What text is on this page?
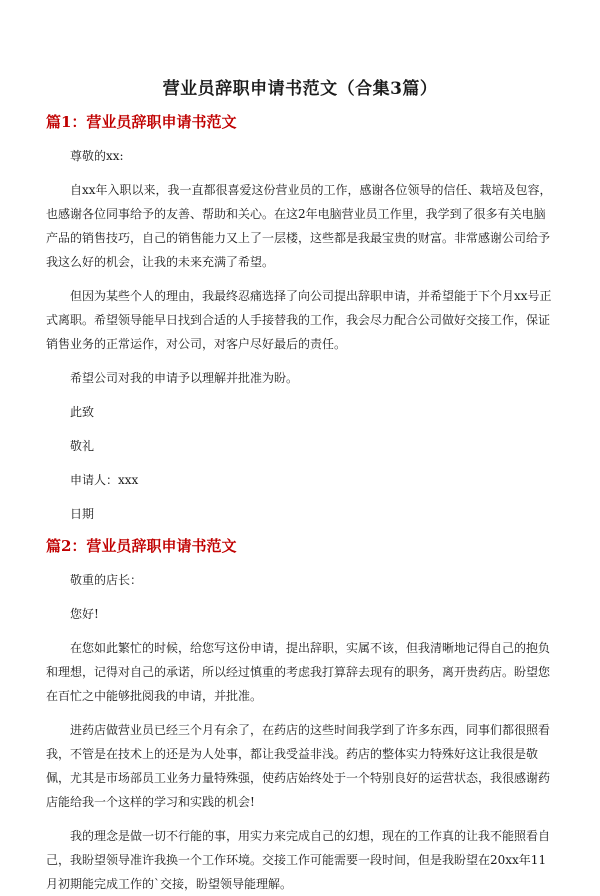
营业员辞职申请书范文（合集3篇）
篇1：营业员辞职申请书范文
尊敬的xx:

自xx年入职以来，我一直都很喜爱这份营业员的工作，感谢各位领导的信任、栽培及包容，也感谢各位同事给予的友善、帮助和关心。在这2年电脑营业员工作里，我学到了很多有关电脑产品的销售技巧，自己的销售能力又上了一层楼，这些都是我最宝贵的财富。非常感谢公司给予我这么好的机会，让我的未来充满了希望。

但因为某些个人的理由，我最终忍痛选择了向公司提出辞职申请，并希望能于下个月xx号正式离职。希望领导能早日找到合适的人手接替我的工作，我会尽力配合公司做好交接工作，保证销售业务的正常运作，对公司，对客户尽好最后的责任。

希望公司对我的申请予以理解并批准为盼。

此致
敬礼
申请人：xxx
日期
篇2：营业员辞职申请书范文
敬重的店长：
您好!

在您如此繁忙的时候，给您写这份申请，提出辞职，实属不该，但我清晰地记得自己的抱负和理想，记得对自己的承诺，所以经过慎重的考虑我打算辞去现有的职务，离开贵药店。盼望您在百忙之中能够批阅我的申请，并批准。

进药店做营业员已经三个月有余了，在药店的这些时间我学到了许多东西，同事们都很照看我，不管是在技术上的还是为人处事，都让我受益非浅。药店的整体实力特殊好这让我很是敬佩，尤其是市场部员工业务力量特殊强，使药店始终处于一个特别良好的运营状态，我很感谢药店能给我一个这样的学习和实践的机会!

我的理念是做一切不行能的事，用实力来完成自己的幻想，现在的工作真的让我不能照看自己，我盼望领导准许我换一个工作环境。交接工作可能需要一段时间，但是我盼望在20xx年11月初期能完成工作的`交接，盼望领导能理解。
